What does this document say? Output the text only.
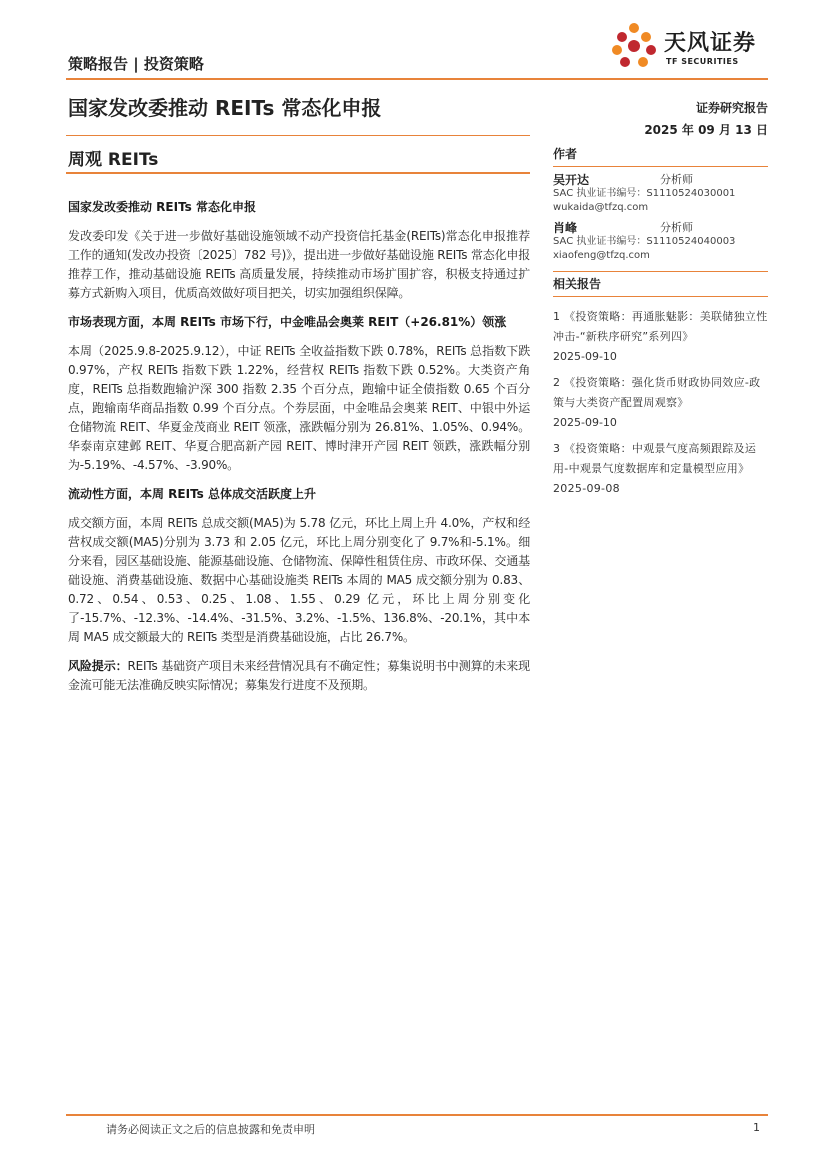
策略报告 | 投资策略
天风证券
TF SECURITIES
国家发改委推动 REITs 常态化申报	证券研究报告
2025 年 09 月 13 日
周观 REITs
国家发改委推动 REITs 常态化申报
发改委印发《关于进一步做好基础设施领域不动产投资信托基金(REITs)常态化申报推荐工作的通知(发改办投资〔2025〕782 号)》，提出进一步做好基础设施 REITs 常态化申报推荐工作，推动基础设施 REITs 高质量发展，持续推动市场扩围扩容，积极支持通过扩募方式新购入项目，优质高效做好项目把关，切实加强组织保障。
市场表现方面，本周 REITs 市场下行，中金唯品会奥莱 REIT（+26.81%）领涨
本周（2025.9.8-2025.9.12），中证 REITs 全收益指数下跌 0.78%，REITs 总指数下跌 0.97%，产权 REITs 指数下跌 1.22%，经营权 REITs 指数下跌 0.52%。大类资产角度，REITs 总指数跑输沪深 300 指数 2.35 个百分点，跑输中证全债指数 0.65 个百分点，跑输南华商品指数 0.99 个百分点。个券层面，中金唯品会奥莱 REIT、中银中外运仓储物流 REIT、华夏金茂商业 REIT 领涨，涨跌幅分别为 26.81%、1.05%、0.94%。华泰南京建邺 REIT、华夏合肥高新产园 REIT、博时津开产园 REIT 领跌，涨跌幅分别为-5.19%、-4.57%、-3.90%。
流动性方面，本周 REITs 总体成交活跃度上升
成交额方面，本周 REITs 总成交额(MA5)为 5.78 亿元，环比上周上升 4.0%，产权和经营权成交额(MA5)分别为 3.73 和 2.05 亿元，环比上周分别变化了 9.7%和-5.1%。细分来看，园区基础设施、能源基础设施、仓储物流、保障性租赁住房、市政环保、交通基础设施、消费基础设施、数据中心基础设施类 REITs 本周的 MA5 成交额分别为 0.83、0.72、0.54、0.53、0.25、1.08、1.55、0.29 亿元，环比上周分别变化了-15.7%、-12.3%、-14.4%、-31.5%、3.2%、-1.5%、136.8%、-20.1%，其中本周 MA5 成交额最大的 REITs 类型是消费基础设施，占比 26.7%。
风险提示：REITs 基础资产项目未来经营情况具有不确定性；募集说明书中测算的未来现金流可能无法准确反映实际情况；募集发行进度不及预期。
作者
吴开达	分析师
SAC 执业证书编号：S1110524030001
wukaida@tfzq.com
肖峰	分析师
SAC 执业证书编号：S1110524040003
xiaofeng@tfzq.com
相关报告
1 《投资策略：再通胀魅影：美联储独立性冲击-“新秩序研究”系列四》
2025-09-10
2 《投资策略：强化货币财政协同效应-政策与大类资产配置周观察》
2025-09-10
3 《投资策略：中观景气度高频跟踪及运用-中观景气度数据库和定量模型应用》 2025-09-08
请务必阅读正文之后的信息披露和免责申明	1
